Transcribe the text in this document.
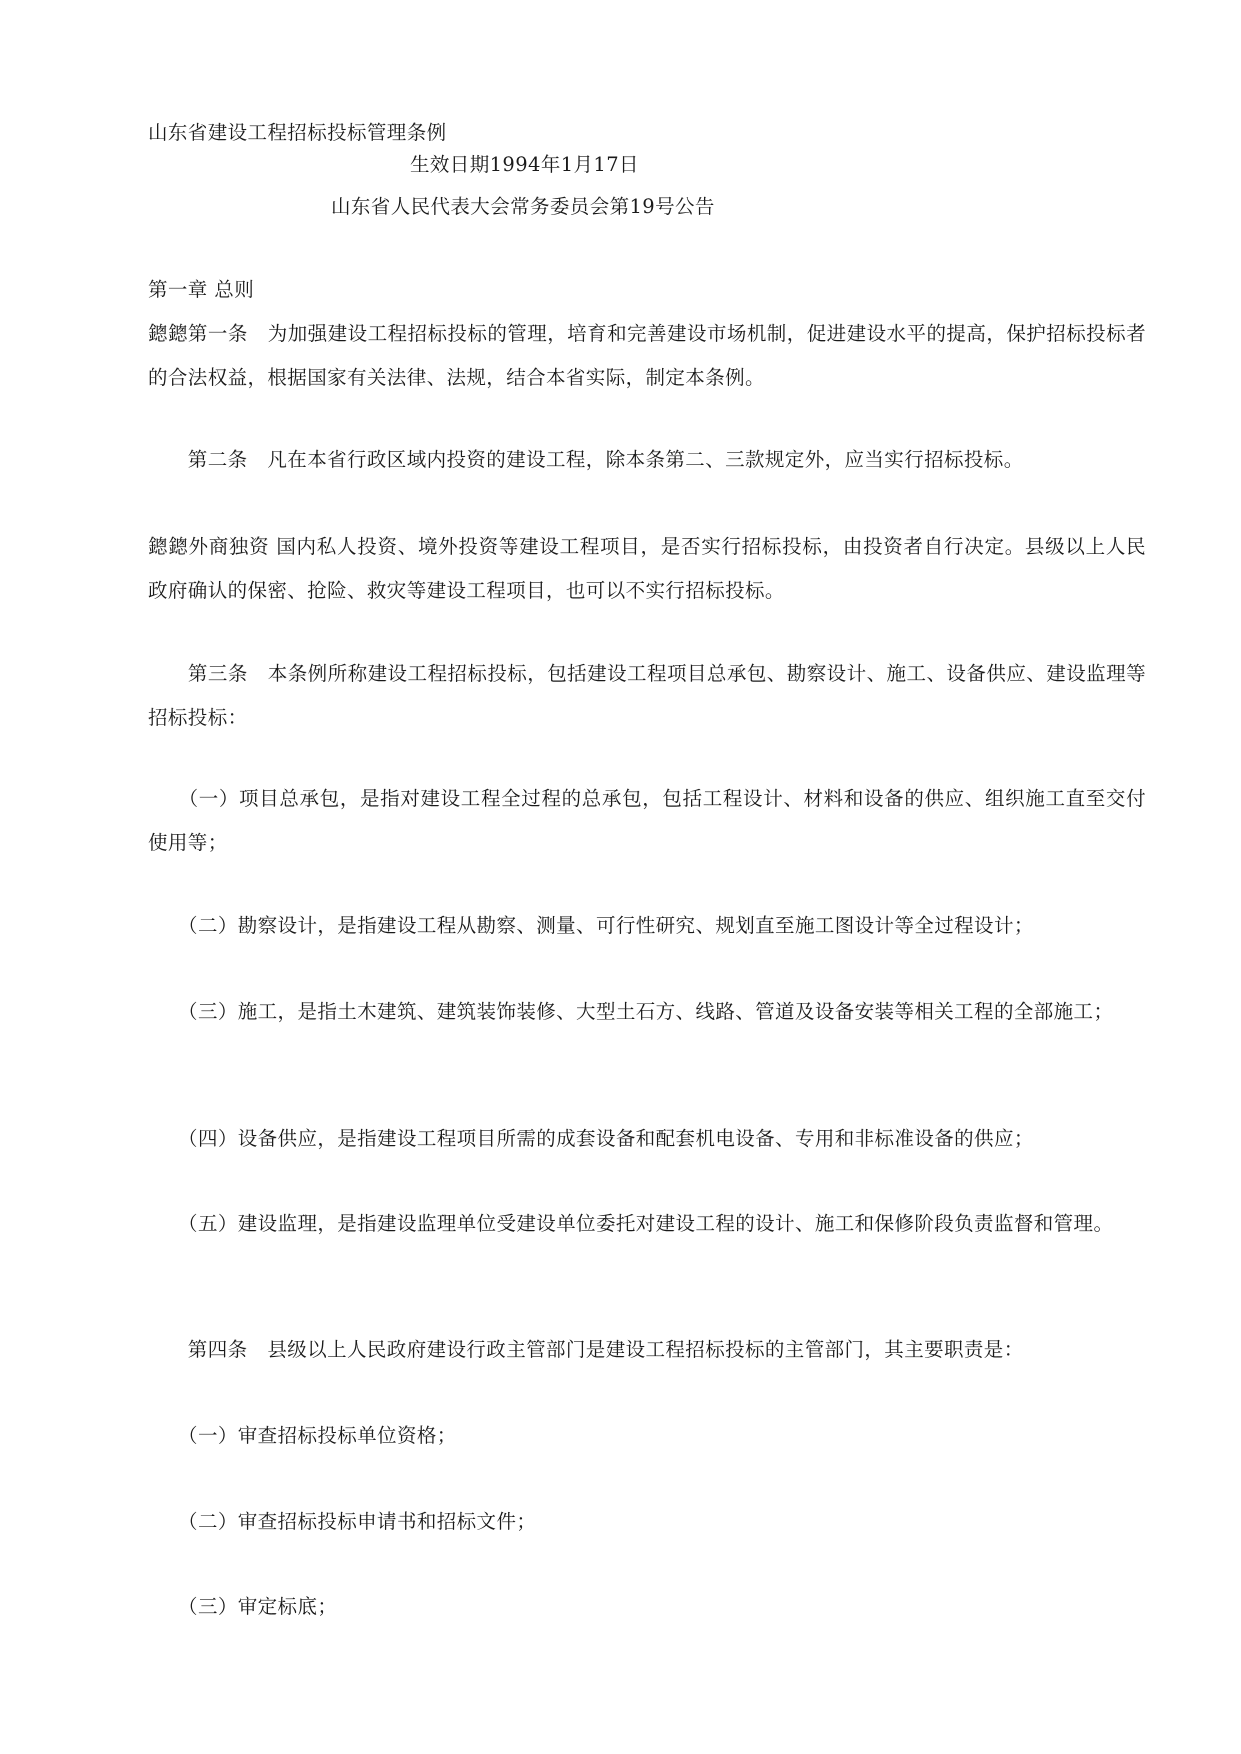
山东省建设工程招标投标管理条例
生效日期1994年1月17日
山东省人民代表大会常务委员会第19号公告
第一章 总则
鏓鏓第一条　为加强建设工程招标投标的管理，培育和完善建设市场机制，促进建设水平的提高，保护招标投标者的合法权益，根据国家有关法律、法规，结合本省实际，制定本条例。
　　第二条　凡在本省行政区域内投资的建设工程，除本条第二、三款规定外，应当实行招标投标。
鏓鏓外商独资 国内私人投资、境外投资等建设工程项目，是否实行招标投标，由投资者自行决定。县级以上人民政府确认的保密、抢险、救灾等建设工程项目，也可以不实行招标投标。
　　第三条　本条例所称建设工程招标投标，包括建设工程项目总承包、勘察设计、施工、设备供应、建设监理等招标投标：
　　（一）项目总承包，是指对建设工程全过程的总承包，包括工程设计、材料和设备的供应、组织施工直至交付使用等；
　　（二）勘察设计，是指建设工程从勘察、测量、可行性研究、规划直至施工图设计等全过程设计；
　　（三）施工，是指土木建筑、建筑装饰装修、大型土石方、线路、管道及设备安装等相关工程的全部施工；
　　（四）设备供应，是指建设工程项目所需的成套设备和配套机电设备、专用和非标准设备的供应；
　　（五）建设监理，是指建设监理单位受建设单位委托对建设工程的设计、施工和保修阶段负责监督和管理。
　　第四条　县级以上人民政府建设行政主管部门是建设工程招标投标的主管部门，其主要职责是：
　　（一）审查招标投标单位资格；
　　（二）审查招标投标申请书和招标文件；
　　（三）审定标底；
